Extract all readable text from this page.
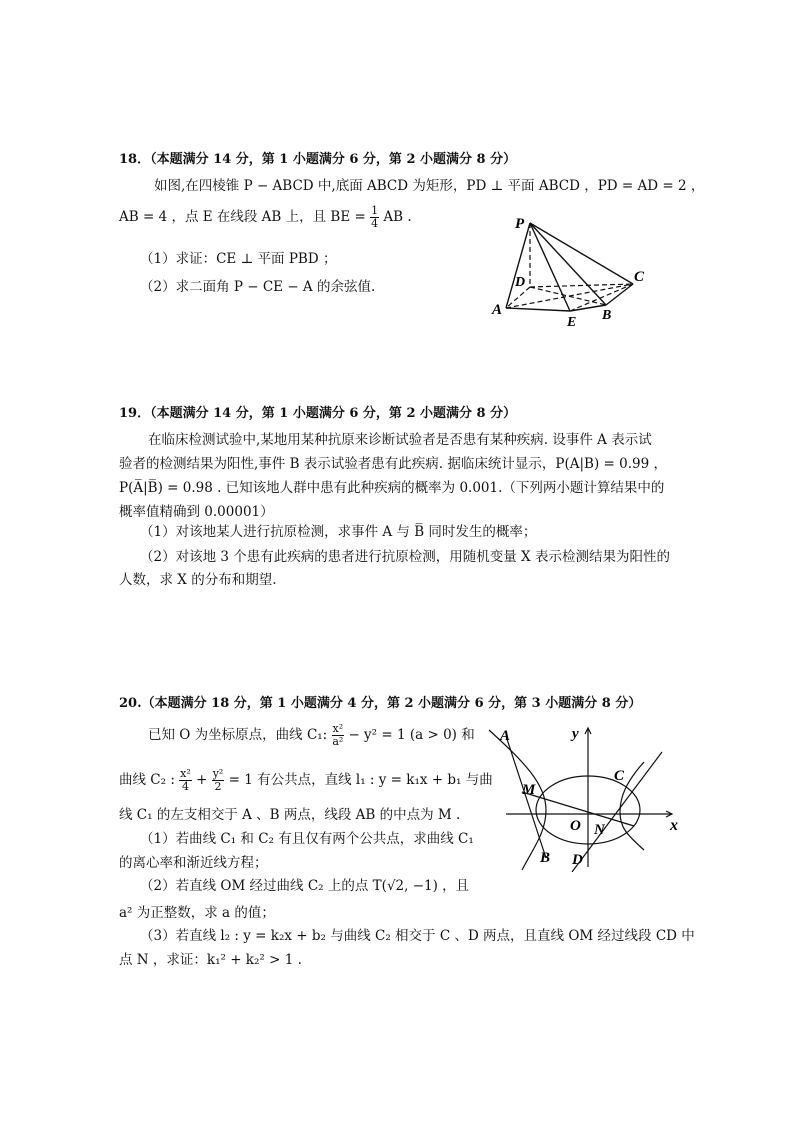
18．（本题满分 14 分，第 1 小题满分 6 分，第 2 小题满分 8 分）
如图,在四棱锥 P − ABCD 中,底面 ABCD 为矩形，PD ⊥ 平面 ABCD ，PD = AD = 2 ，
AB = 4 ，点 E 在线段 AB 上，且 BE = $\frac{1}{4}$ AB .
（1）求证：CE ⊥ 平面 PBD ；
（2）求二面角 P − CE − A 的余弦值.
P
D	C
A
E B
19．（本题满分 14 分，第 1 小题满分 6 分，第 2 小题满分 8 分）
在临床检测试验中,某地用某种抗原来诊断试验者是否患有某种疾病. 设事件 A 表示试
验者的检测结果为阳性,事件 B 表示试验者患有此疾病. 据临床统计显示，P(A|B) = 0.99 ，
P(A̅|B̅) = 0.98 . 已知该地人群中患有此种疾病的概率为 0.001.（下列两小题计算结果中的
概率值精确到 0.00001）
（1）对该地某人进行抗原检测，求事件 A 与 B̅ 同时发生的概率；
（2）对该地 3 个患有此疾病的患者进行抗原检测，用随机变量 X 表示检测结果为阳性的
人数，求 X 的分布和期望.
20.（本题满分 18 分，第 1 小题满分 4 分，第 2 小题满分 6 分，第 3 小题满分 8 分）
已知 O 为坐标原点，曲线 C₁: $\frac{\text{x²}}{\text{a²}} - y^2 = 1$ (a > 0) 和
曲线 C₂ : $\frac{\text{x²}}{4} + \frac{\text{y²}}{2} = 1$ 有公共点，直线 l₁ : y = k₁x + b₁ 与曲
线 C₁ 的左支相交于 A 、B 两点，线段 AB 的中点为 M .
（1）若曲线 C₁ 和 C₂ 有且仅有两个公共点，求曲线 C₁
的离心率和渐近线方程；
（2）若直线 OM 经过曲线 C₂ 上的点 T(√2, −1) ，且
a² 为正整数，求 a 的值；
（3）若直线 l₂ : y = k₂x + b₂ 与曲线 C₂ 相交于 C 、D 两点，且直线 OM 经过线段 CD 中
点 N ，求证：k₁² + k₂² > 1 .
A	y
C
M
O N	x
B D
